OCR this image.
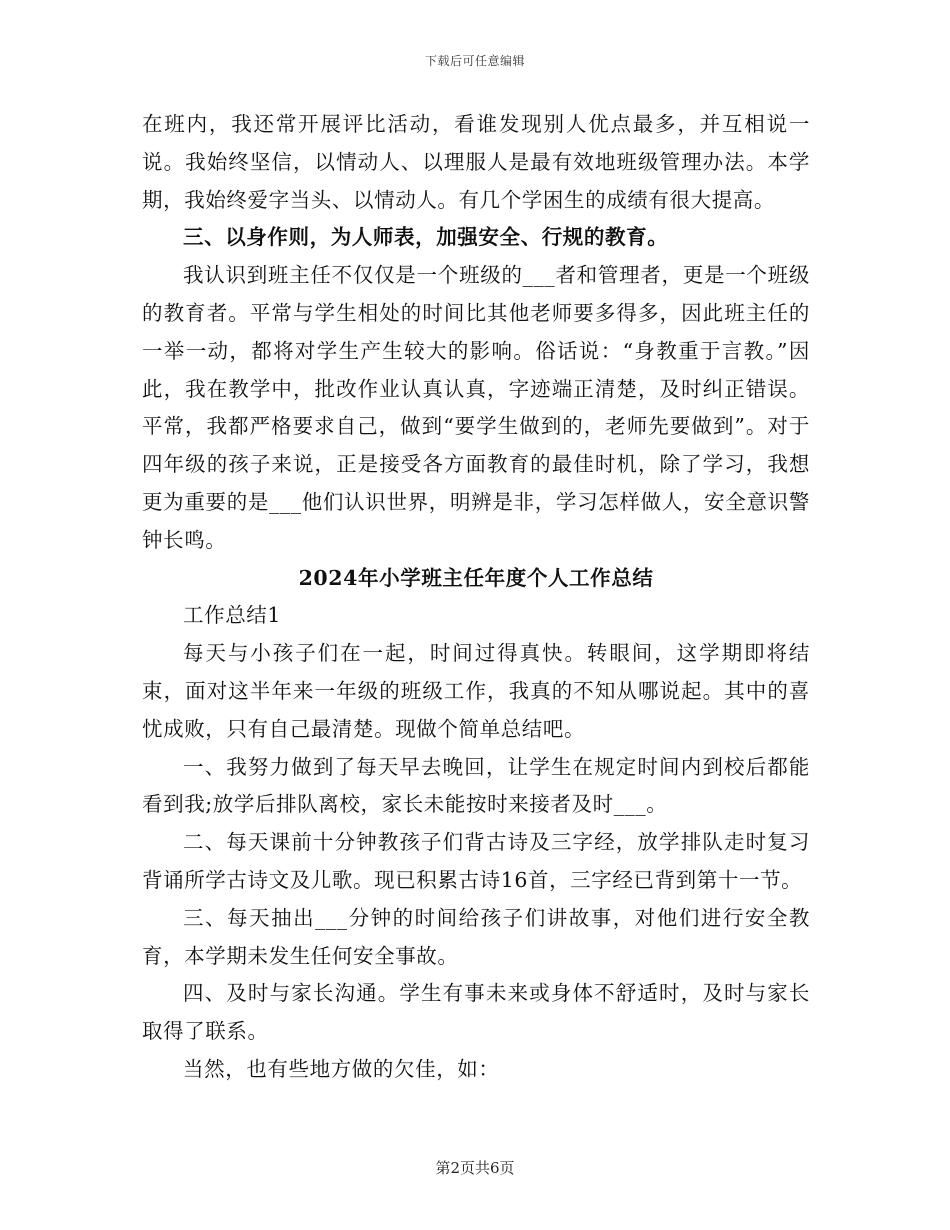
下载后可任意编辑

在班内，我还常开展评比活动，看谁发现别人优点最多，并互相说一说。我始终坚信，以情动人、以理服人是最有效地班级管理办法。本学期，我始终爱字当头、以情动人。有几个学困生的成绩有很大提高。

三、以身作则，为人师表，加强安全、行规的教育。

我认识到班主任不仅仅是一个班级的___者和管理者，更是一个班级的教育者。平常与学生相处的时间比其他老师要多得多，因此班主任的一举一动，都将对学生产生较大的影响。俗话说：“身教重于言教。”因此，我在教学中，批改作业认真认真，字迹端正清楚，及时纠正错误。平常，我都严格要求自己，做到“要学生做到的，老师先要做到”。对于四年级的孩子来说，正是接受各方面教育的最佳时机，除了学习，我想更为重要的是___他们认识世界，明辨是非，学习怎样做人，安全意识警钟长鸣。

2024年小学班主任年度个人工作总结

工作总结1

每天与小孩子们在一起，时间过得真快。转眼间，这学期即将结束，面对这半年来一年级的班级工作，我真的不知从哪说起。其中的喜忧成败，只有自己最清楚。现做个简单总结吧。

一、我努力做到了每天早去晚回，让学生在规定时间内到校后都能看到我;放学后排队离校，家长未能按时来接者及时___。

二、每天课前十分钟教孩子们背古诗及三字经，放学排队走时复习背诵所学古诗文及儿歌。现已积累古诗16首，三字经已背到第十一节。

三、每天抽出___分钟的时间给孩子们讲故事，对他们进行安全教育，本学期未发生任何安全事故。

四、及时与家长沟通。学生有事未来或身体不舒适时，及时与家长取得了联系。

当然，也有些地方做的欠佳，如：

第2页共6页
